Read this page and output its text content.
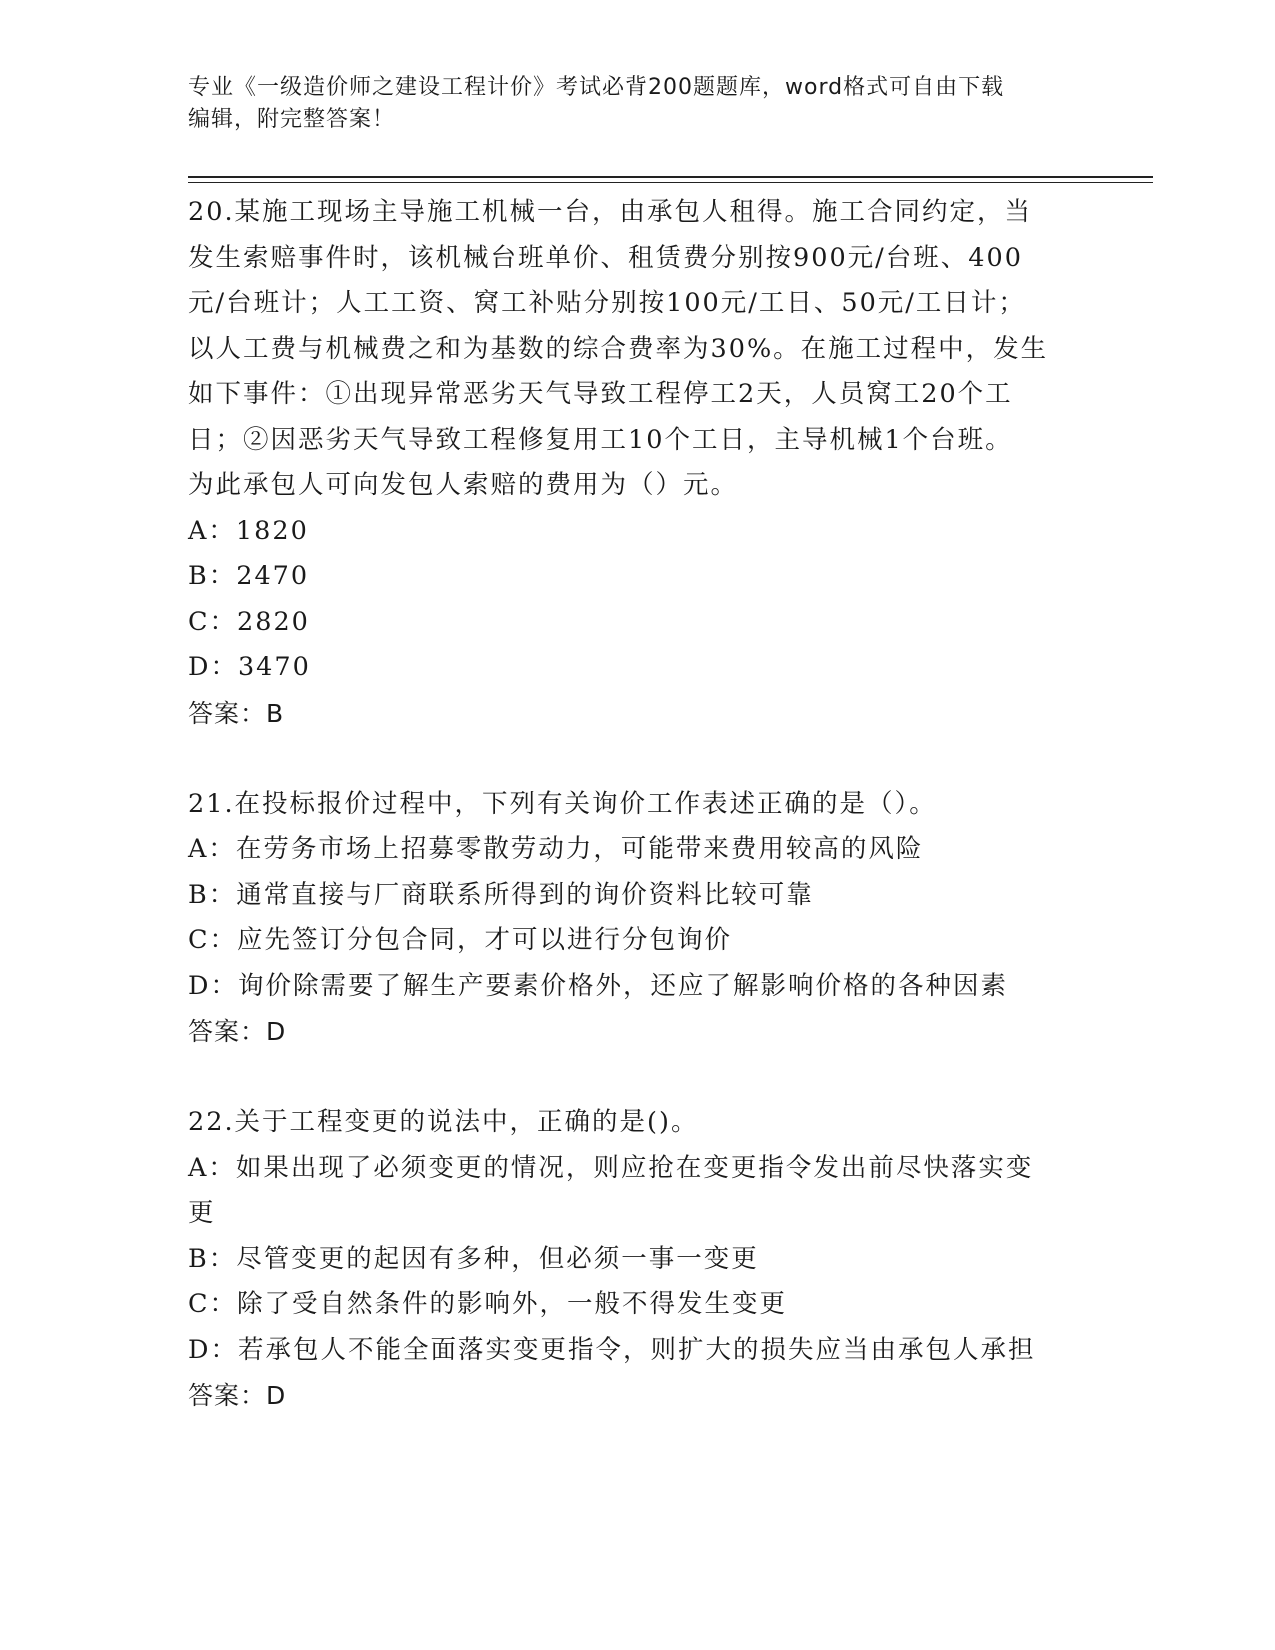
专业《一级造价师之建设工程计价》考试必背200题题库，word格式可自由下载
编辑，附完整答案！
20.某施工现场主导施工机械一台，由承包人租得。施工合同约定，当
发生索赔事件时，该机械台班单价、租赁费分别按900元/台班、400
元/台班计；人工工资、窝工补贴分别按100元/工日、50元/工日计；
以人工费与机械费之和为基数的综合费率为30%。在施工过程中，发生
如下事件：①出现异常恶劣天气导致工程停工2天，人员窝工20个工
日；②因恶劣天气导致工程修复用工10个工日，主导机械1个台班。
为此承包人可向发包人索赔的费用为（）元。
A：1820
B：2470
C：2820
D：3470
答案：B
21.在投标报价过程中，下列有关询价工作表述正确的是（）。
A：在劳务市场上招募零散劳动力，可能带来费用较高的风险
B：通常直接与厂商联系所得到的询价资料比较可靠
C：应先签订分包合同，才可以进行分包询价
D：询价除需要了解生产要素价格外，还应了解影响价格的各种因素
答案：D
22.关于工程变更的说法中，正确的是()。
A：如果出现了必须变更的情况，则应抢在变更指令发出前尽快落实变
更
B：尽管变更的起因有多种，但必须一事一变更
C：除了受自然条件的影响外，一般不得发生变更
D：若承包人不能全面落实变更指令，则扩大的损失应当由承包人承担
答案：D
